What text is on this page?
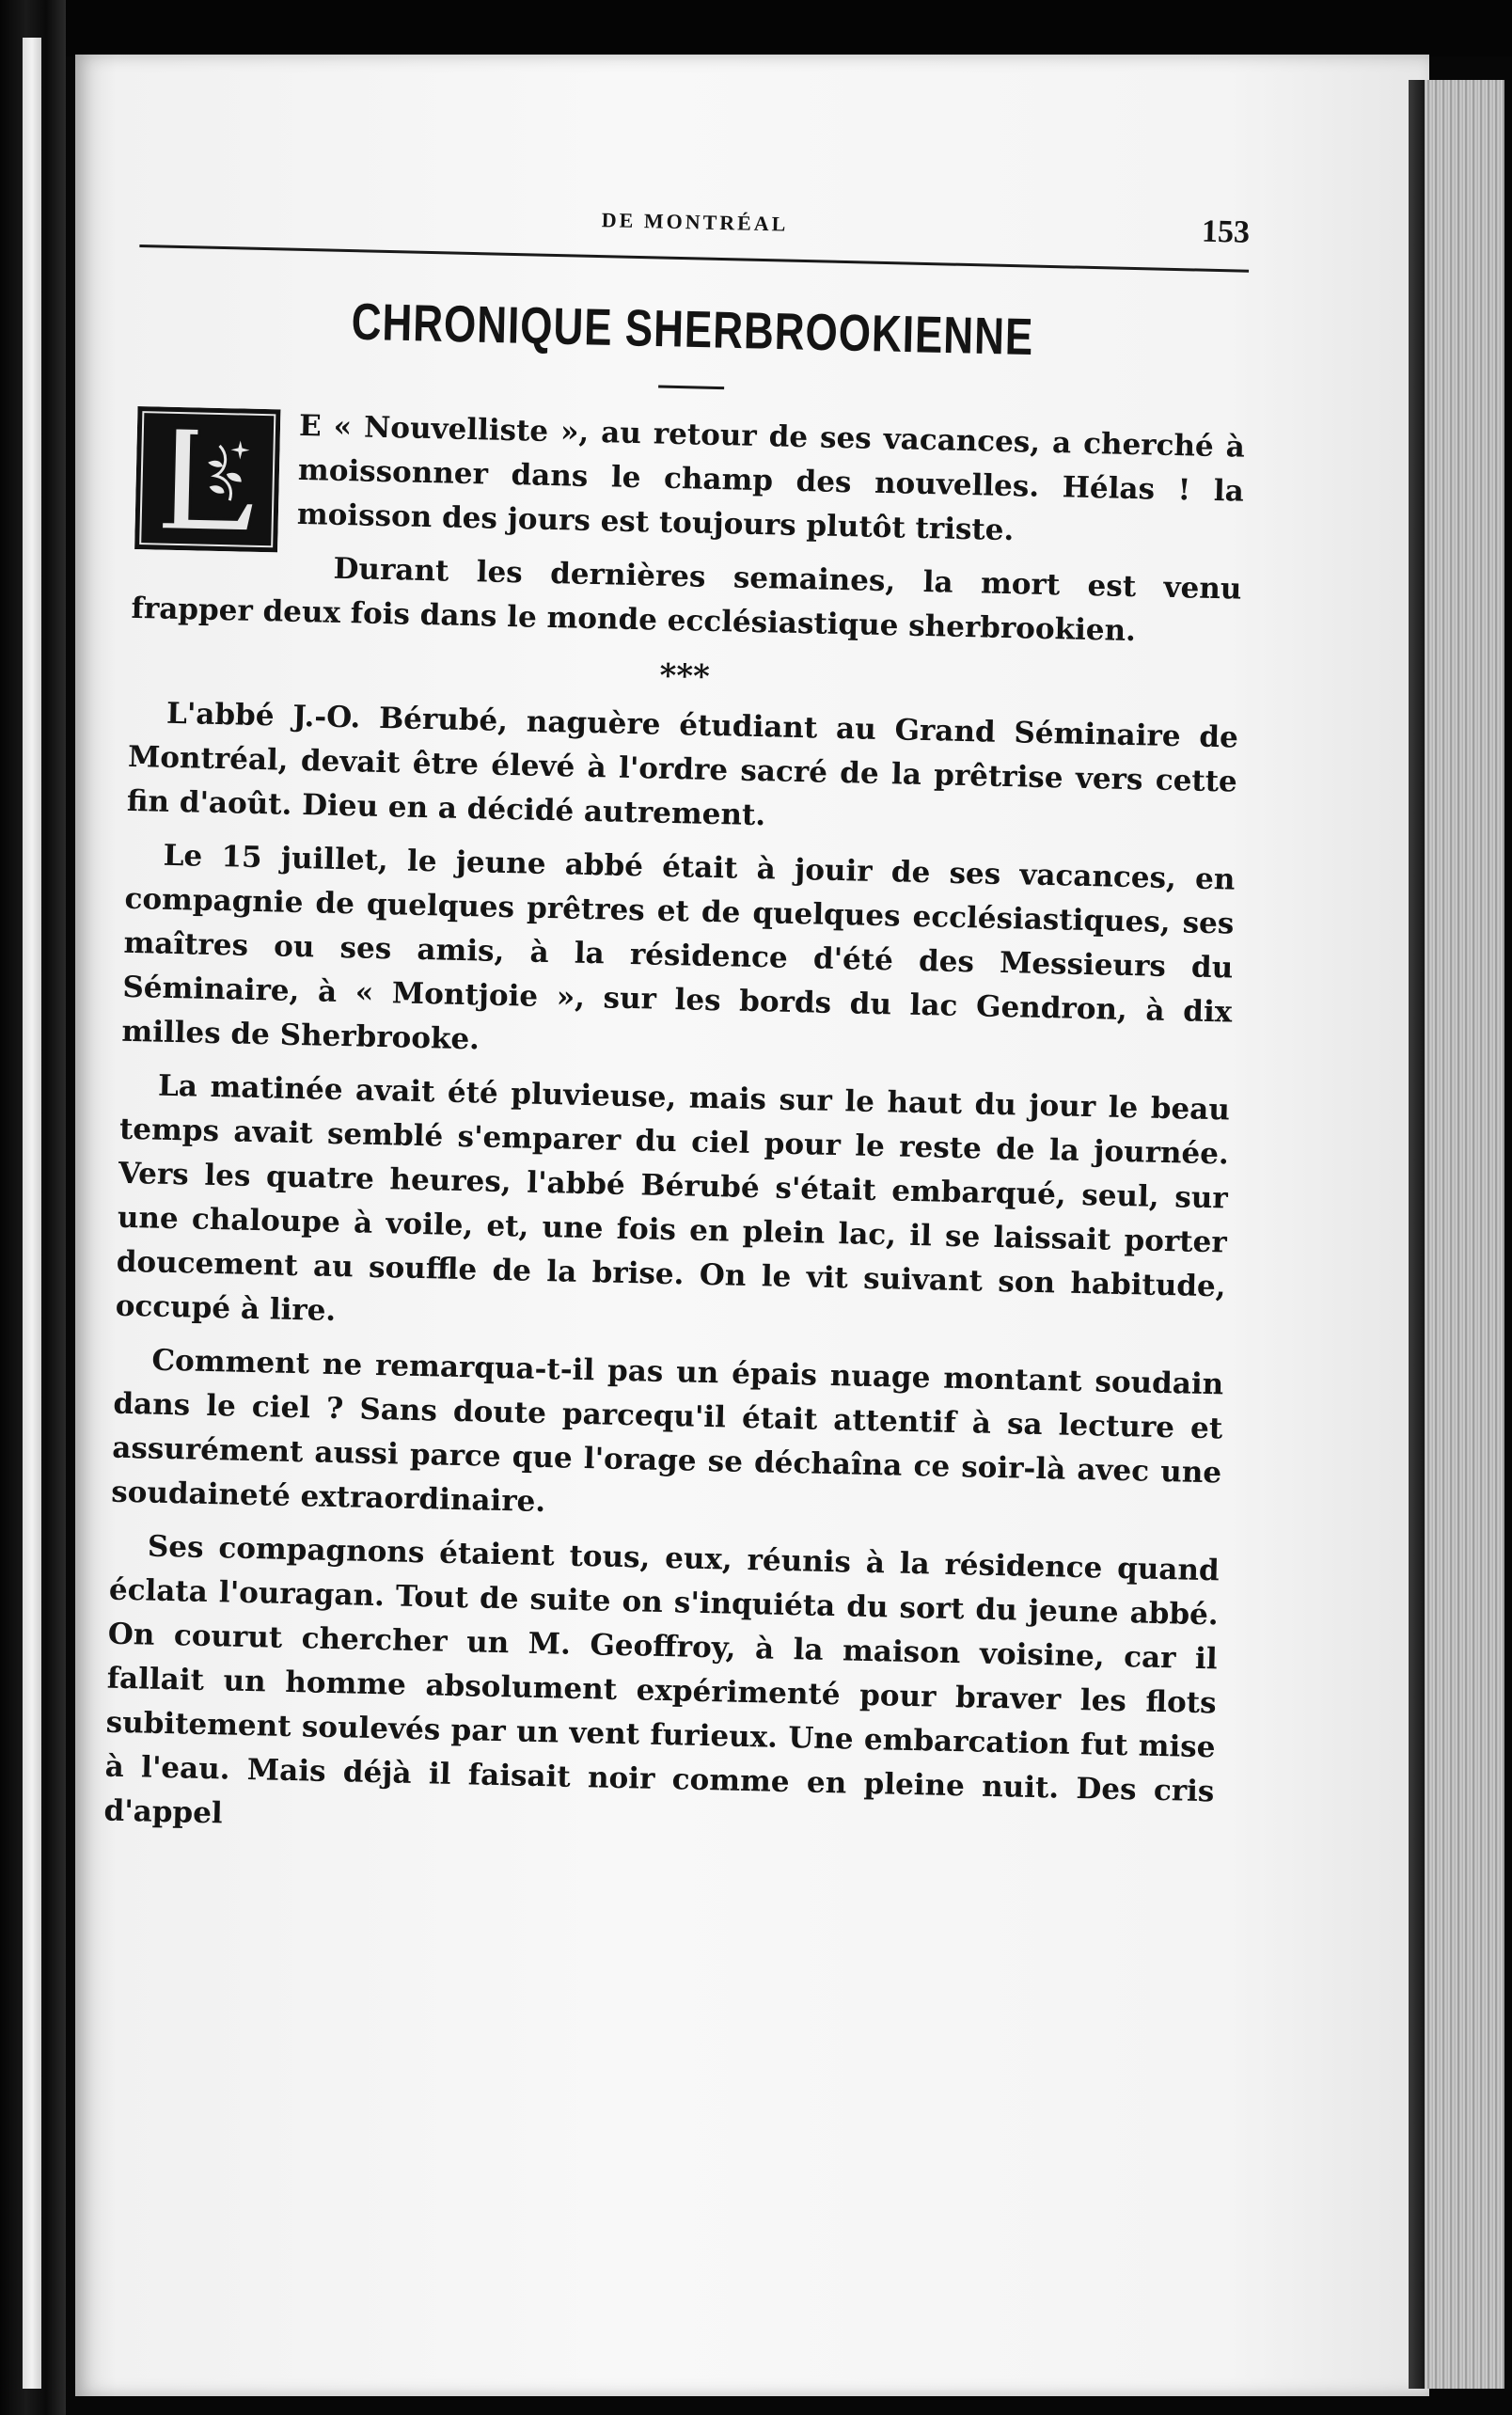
DE MONTRÉAL	153
CHRONIQUE SHERBROOKIENNE

E « Nouvelliste », au retour de ses vacances, a cherché à moissonner dans le champ des nouvelles. Hélas ! la moisson des jours est toujours plutôt triste.

Durant les dernières semaines, la mort est venu frapper deux fois dans le monde ecclésiastique sherbrookien.

***

L'abbé J.-O. Bérubé, naguère étudiant au Grand Séminaire de Montréal, devait être élevé à l'ordre sacré de la prêtrise vers cette fin d'août. Dieu en a décidé autrement.

Le 15 juillet, le jeune abbé était à jouir de ses vacances, en compagnie de quelques prêtres et de quelques ecclésiastiques, ses maîtres ou ses amis, à la résidence d'été des Messieurs du Séminaire, à « Montjoie », sur les bords du lac Gendron, à dix milles de Sherbrooke.

La matinée avait été pluvieuse, mais sur le haut du jour le beau temps avait semblé s'emparer du ciel pour le reste de la journée. Vers les quatre heures, l'abbé Bérubé s'était embarqué, seul, sur une chaloupe à voile, et, une fois en plein lac, il se laissait porter doucement au souffle de la brise. On le vit suivant son habitude, occupé à lire.

Comment ne remarqua-t-il pas un épais nuage montant soudain dans le ciel ? Sans doute parcequ'il était attentif à sa lecture et assurément aussi parce que l'orage se déchaîna ce soir-là avec une soudaineté extraordinaire.

Ses compagnons étaient tous, eux, réunis à la résidence quand éclata l'ouragan. Tout de suite on s'inquiéta du sort du jeune abbé. On courut chercher un M. Geoffroy, à la maison voisine, car il fallait un homme absolument expérimenté pour braver les flots subitement soulevés par un vent furieux. Une embarcation fut mise à l'eau. Mais déjà il faisait noir comme en pleine nuit. Des cris d'appel
